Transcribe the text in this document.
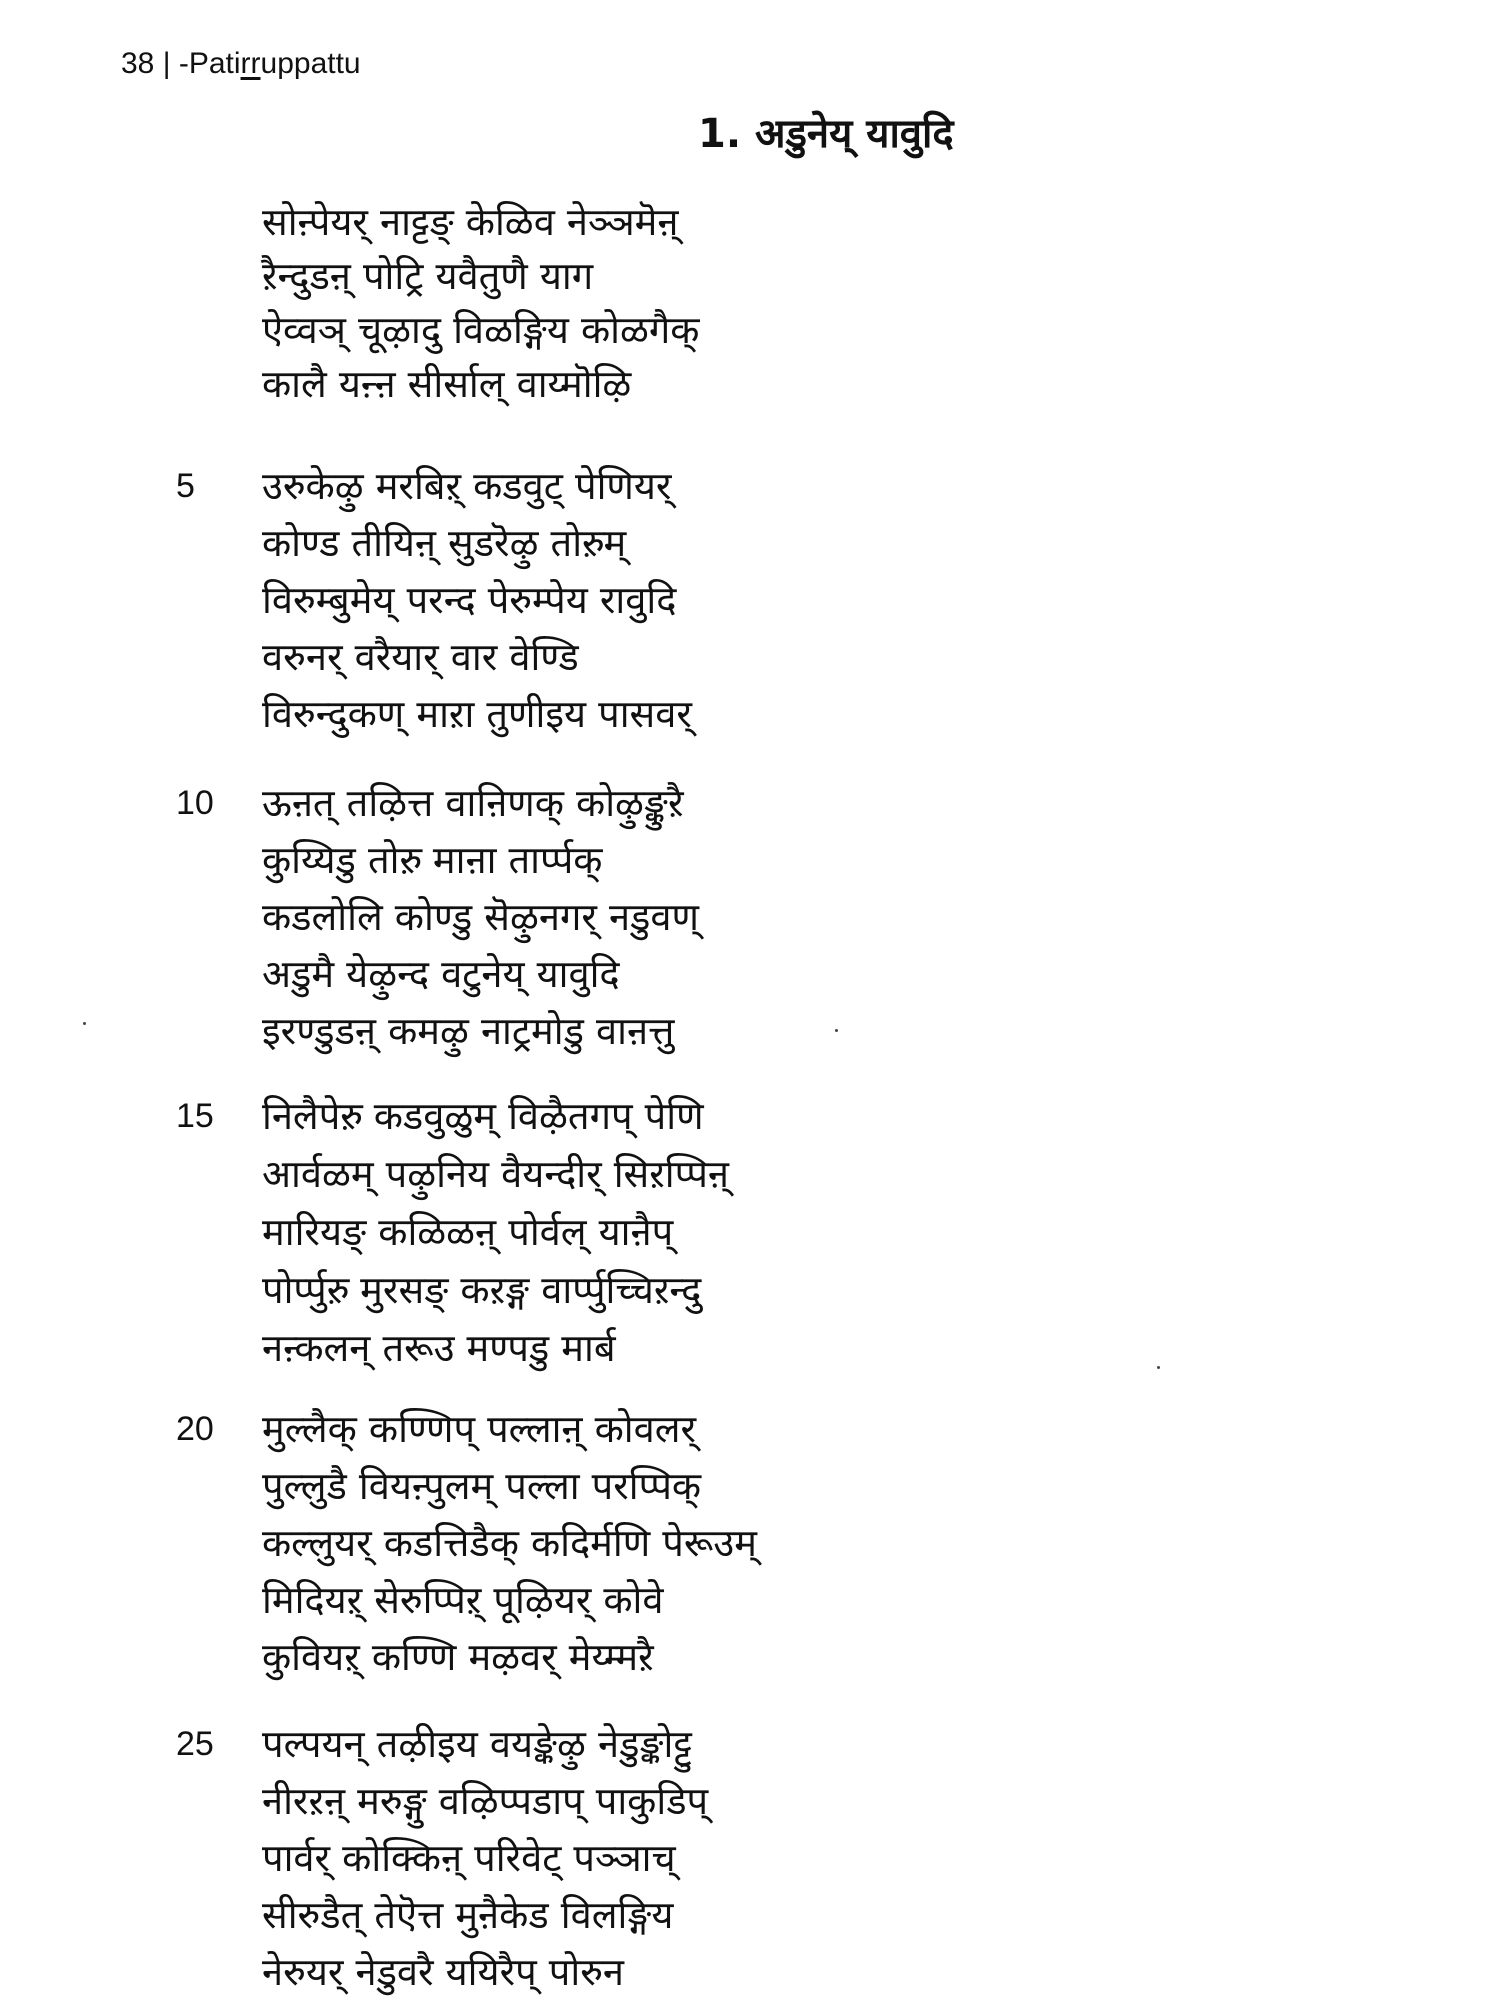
38 | -Patirruppattu
1. अडुनेय् यावुदि
सोऩ्पेयर् नाट्टङ् केळिव नेञ्ञमॆऩ्
ऱैन्दुडऩ् पोट्रि यवैतुणै याग
ऐव्वञ् चूऴादु विळङ्गिय कोळगैक्
कालै यऩ्ऩ सीर्साल् वाय्मॊऴि
5 उरुकेऴु मरबिऱ् कडवुट् पेणियर्
कोण्ड तीयिऩ् सुडरॆऴु तोऱुम्
विरुम्बुमेय् परन्द पेरुम्पेय रावुदि
वरुनर् वरैयार् वार वेण्डि
विरुन्दुकण् माऱा तुणीइय पासवर्
10 ऊऩत् तऴित्त वाऩिणक् कोऴुङ्कुऱै
कुय्यिडु तोऱु माऩा तार्प्पक्
कडलोलि कोण्डु सॆऴुनगर् नडुवण्
अडुमै येऴुन्द वटुनेय् यावुदि
इरण्डुडऩ् कमऴु नाट्रमोडु वाऩत्तु
15 निलैपेऱु कडवुळुम् विऴैतगप् पेणि
आर्वळम् पऴुनिय वैयन्दीर् सिऱप्पिऩ्
मारियङ् कळिळऩ् पोर्वल् याऩैप्
पोर्प्पुऱु मुरसङ् कऱङ्ग वार्प्पुच्चिऱन्दु
नऩ्कलन् तरूउ मण्पडु मार्ब
20 मुल्लैक् कण्णिप् पल्लाऩ् कोवलर्
पुल्लुडै वियऩ्पुलम् पल्ला परप्पिक्
कल्लुयर् कडत्तिडैक् कदिर्मणि पेरूउम्
मिदियऱ् सेरुप्पिऱ् पूऴियर् कोवे
कुवियऱ् कण्णि मऴवर् मेय्म्मऱै
25 पल्पयन् तऴीइय वयङ्केऴु नेडुङ्कोट्टु
नीरऱऩ् मरुङ्गु वऴिप्पडाप् पाकुडिप्
पार्वर् कोक्किऩ् परिवेट् पञ्ञाच्
सीरुडैत् तेऎत्त मुऩैकेड विलङ्गिय
नेरुयर् नेडुवरै ययिरैप् पोरुन
